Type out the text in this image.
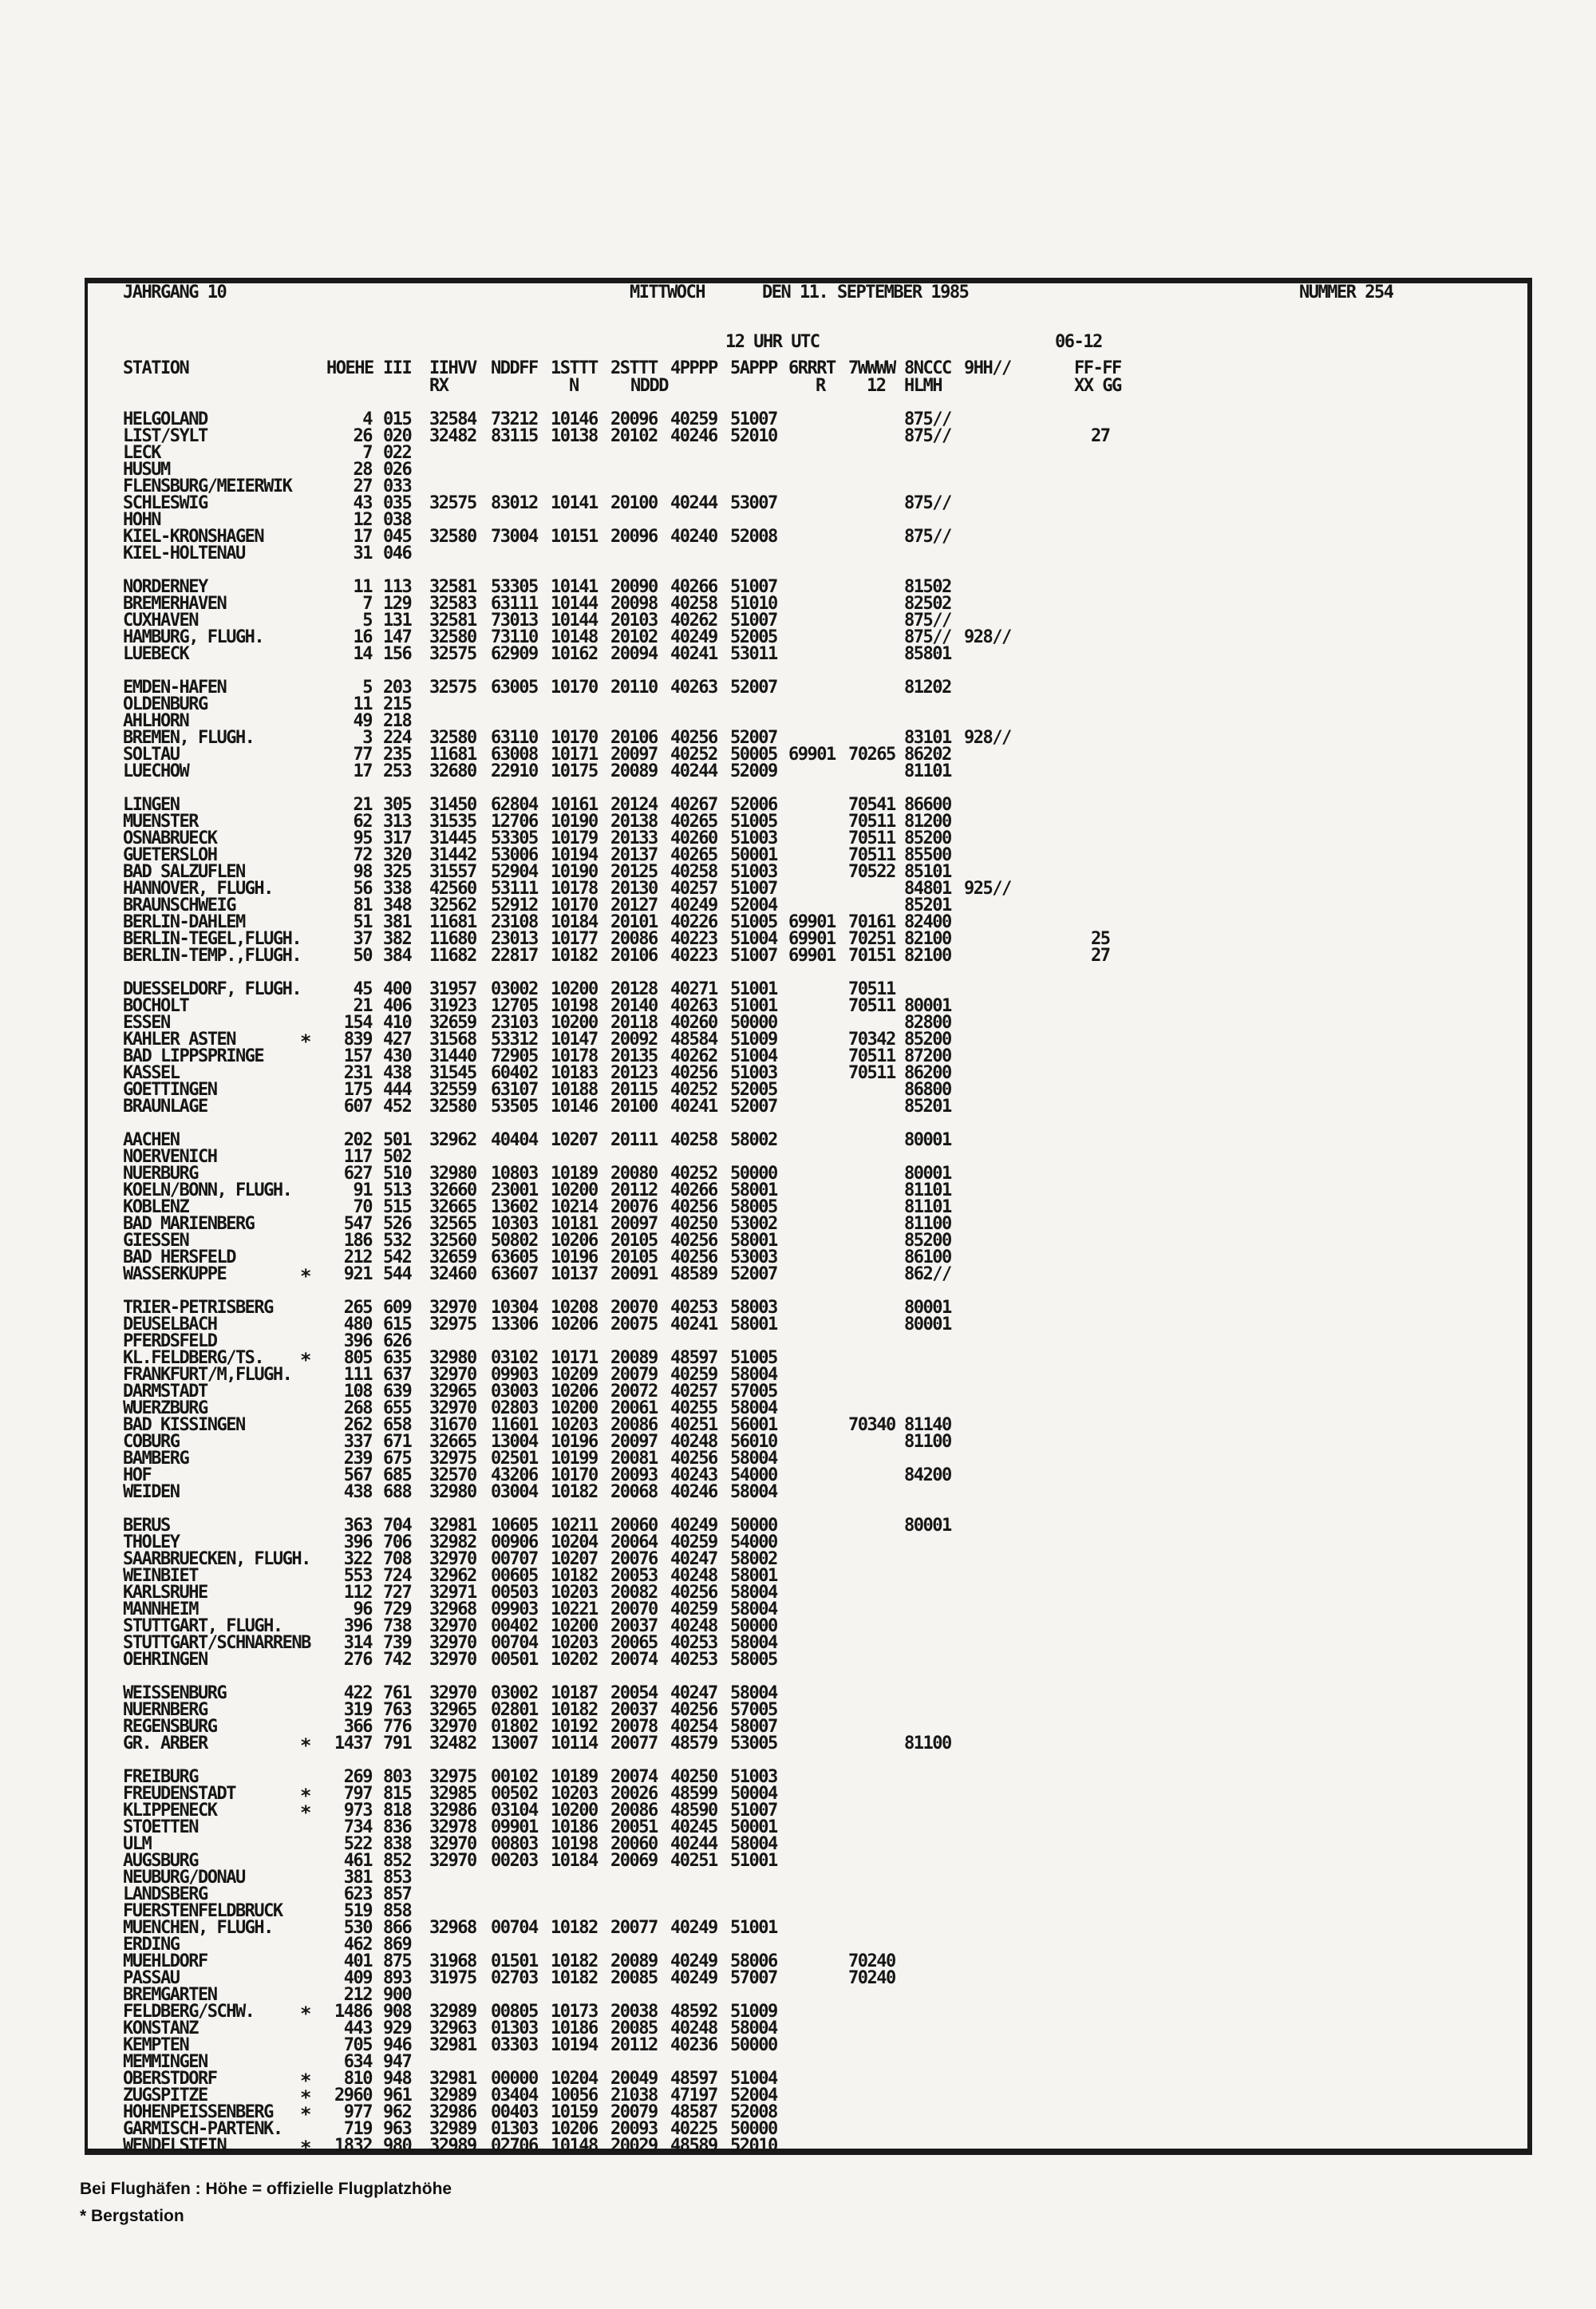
JAHRGANG 10	MITTWOCH	DEN 11. SEPTEMBER 1985	NUMMER 254
12 UHR UTC	06-12
STATION	HOEHE III IIHVV NDDFF 1STTT 2STTT 4PPPP 5APPP 6RRRT 7WWWW 8NCCC 9HH//	FF-FF
RX	N	NDDD	R 12 HLMH	XX GG
HELGOLAND	4 015 32584 73212 10146 20096 40259 51007	875//
LIST/SYLT	26 020 32482 83115 10138 20102 40246 52010	875//	27
LECK	7 022
HUSUM	28 026
FLENSBURG/MEIERWIK	27 033
SCHLESWIG	43 035 32575 83012 10141 20100 40244 53007	875//
HOHN	12 038
KIEL-KRONSHAGEN	17 045 32580 73004 10151 20096 40240 52008	875//
KIEL-HOLTENAU	31 046
NORDERNEY	11 113 32581 53305 10141 20090 40266 51007	81502
BREMERHAVEN	7 129 32583 63111 10144 20098 40258 51010	82502
CUXHAVEN	5 131 32581 73013 10144 20103 40262 51007	875//
HAMBURG, FLUGH.	16 147 32580 73110 10148 20102 40249 52005	875// 928//
LUEBECK	14 156 32575 62909 10162 20094 40241 53011	85801
EMDEN-HAFEN	5 203 32575 63005 10170 20110 40263 52007	81202
OLDENBURG	11 215
AHLHORN	49 218
BREMEN, FLUGH.	3 224 32580 63110 10170 20106 40256 52007	83101 928//
SOLTAU	77 235 11681 63008 10171 20097 40252 50005 69901 70265 86202
LUECHOW	17 253 32680 22910 10175 20089 40244 52009	81101
LINGEN	21 305 31450 62804 10161 20124 40267 52006	70541 86600
MUENSTER	62 313 31535 12706 10190 20138 40265 51005	70511 81200
OSNABRUECK	95 317 31445 53305 10179 20133 40260 51003	70511 85200
GUETERSLOH	72 320 31442 53006 10194 20137 40265 50001	70511 85500
BAD SALZUFLEN	98 325 31557 52904 10190 20125 40258 51003	70522 85101
HANNOVER, FLUGH.	56 338 42560 53111 10178 20130 40257 51007	84801 925//
BRAUNSCHWEIG	81 348 32562 52912 10170 20127 40249 52004	85201
BERLIN-DAHLEM	51 381 11681 23108 10184 20101 40226 51005 69901 70161 82400
BERLIN-TEGEL,FLUGH.	37 382 11680 23013 10177 20086 40223 51004 69901 70251 82100	25
BERLIN-TEMP.,FLUGH.	50 384 11682 22817 10182 20106 40223 51007 69901 70151 82100	27
DUESSELDORF, FLUGH.	45 400 31957 03002 10200 20128 40271 51001	70511
BOCHOLT	21 406 31923 12705 10198 20140 40263 51001	70511 80001
ESSEN	154 410 32659 23103 10200 20118 40260 50000	82800
KAHLER ASTEN	*	839 427 31568 53312 10147 20092 48584 51009	70342 85200
BAD LIPPSPRINGE	157 430 31440 72905 10178 20135 40262 51004	70511 87200
KASSEL	231 438 31545 60402 10183 20123 40256 51003	70511 86200
GOETTINGEN	175 444 32559 63107 10188 20115 40252 52005	86800
BRAUNLAGE	607 452 32580 53505 10146 20100 40241 52007	85201
AACHEN	202 501 32962 40404 10207 20111 40258 58002	80001
NOERVENICH	117 502
NUERBURG	627 510 32980 10803 10189 20080 40252 50000	80001
KOELN/BONN, FLUGH.	91 513 32660 23001 10200 20112 40266 58001	81101
KOBLENZ	70 515 32665 13602 10214 20076 40256 58005	81101
BAD MARIENBERG	547 526 32565 10303 10181 20097 40250 53002	81100
GIESSEN	186 532 32560 50802 10206 20105 40256 58001	85200
BAD HERSFELD	212 542 32659 63605 10196 20105 40256 53003	86100
WASSERKUPPE	*	921 544 32460 63607 10137 20091 48589 52007	862//
TRIER-PETRISBERG	265 609 32970 10304 10208 20070 40253 58003	80001
DEUSELBACH	480 615 32975 13306 10206 20075 40241 58001	80001
PFERDSFELD	396 626
KL.FELDBERG/TS. *	805 635 32980 03102 10171 20089 48597 51005
FRANKFURT/M,FLUGH.	111 637 32970 09903 10209 20079 40259 58004
DARMSTADT	108 639 32965 03003 10206 20072 40257 57005
WUERZBURG	268 655 32970 02803 10200 20061 40255 58004
BAD KISSINGEN	262 658 31670 11601 10203 20086 40251 56001	70340 81140
COBURG	337 671 32665 13004 10196 20097 40248 56010	81100
BAMBERG	239 675 32975 02501 10199 20081 40256 58004
HOF	567 685 32570 43206 10170 20093 40243 54000	84200
WEIDEN	438 688 32980 03004 10182 20068 40246 58004
BERUS	363 704 32981 10605 10211 20060 40249 50000	80001
THOLEY	396 706 32982 00906 10204 20064 40259 54000
SAARBRUECKEN, FLUGH.	322 708 32970 00707 10207 20076 40247 58002
WEINBIET	553 724 32962 00605 10182 20053 40248 58001
KARLSRUHE	112 727 32971 00503 10203 20082 40256 58004
MANNHEIM	96 729 32968 09903 10221 20070 40259 58004
STUTTGART, FLUGH.	396 738 32970 00402 10200 20037 40248 50000
STUTTGART/SCHNARRENB	314 739 32970 00704 10203 20065 40253 58004
OEHRINGEN	276 742 32970 00501 10202 20074 40253 58005
WEISSENBURG	422 761 32970 03002 10187 20054 40247 58004
NUERNBERG	319 763 32965 02801 10182 20037 40256 57005
REGENSBURG	366 776 32970 01802 10192 20078 40254 58007
GR. ARBER	*	1437 791 32482 13007 10114 20077 48579 53005	81100
FREIBURG	269 803 32975 00102 10189 20074 40250 51003
FREUDENSTADT	*	797 815 32985 00502 10203 20026 48599 50004
KLIPPENECK	*	973 818 32986 03104 10200 20086 48590 51007
STOETTEN	734 836 32978 09901 10186 20051 40245 50001
ULM	522 838 32970 00803 10198 20060 40244 58004
AUGSBURG	461 852 32970 00203 10184 20069 40251 51001
NEUBURG/DONAU	381 853
LANDSBERG	623 857
FUERSTENFELDBRUCK	519 858
MUENCHEN, FLUGH.	530 866 32968 00704 10182 20077 40249 51001
ERDING	462 869
MUEHLDORF	401 875 31968 01501 10182 20089 40249 58006	70240
PASSAU	409 893 31975 02703 10182 20085 40249 57007	70240
BREMGARTEN	212 900
FELDBERG/SCHW. *	1486 908 32989 00805 10173 20038 48592 51009
KONSTANZ	443 929 32963 01303 10186 20085 40248 58004
KEMPTEN	705 946 32981 03303 10194 20112 40236 50000
MEMMINGEN	634 947
OBERSTDORF	*	810 948 32981 00000 10204 20049 48597 51004
ZUGSPITZE	*	2960 961 32989 03404 10056 21038 47197 52004
HOHENPEISSENBERG *	977 962 32986 00403 10159 20079 48587 52008
GARMISCH-PARTENK.	719 963 32989 01303 10206 20093 40225 50000
WENDELSTEIN	*	1832 980 32989 02706 10148 20029 48589 52010
Bei Flughäfen : Höhe = offizielle Flugplatzhöhe
* Bergstation
